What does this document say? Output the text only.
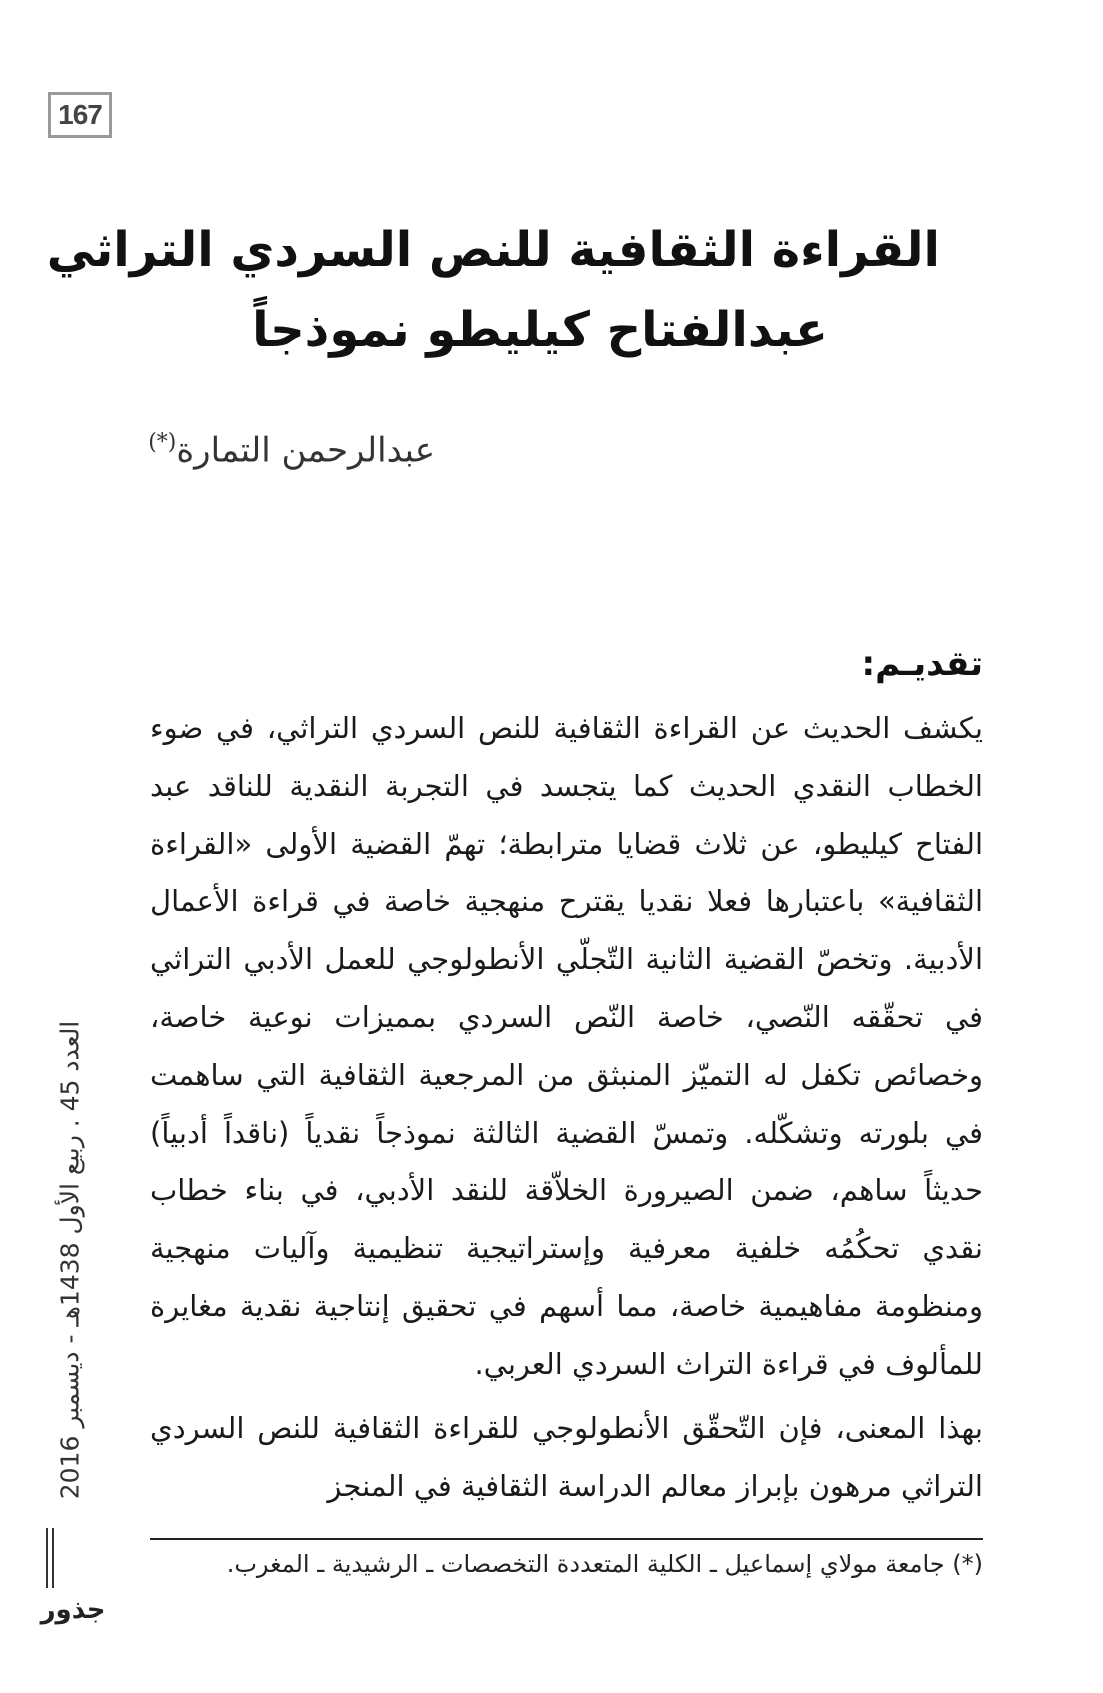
167
القراءة الثقافية للنص السردي التراثي
عبدالفتاح كيليطو نموذجاً
عبدالرحمن التمارة(*)
تقديـم:

يكشف الحديث عن القراءة الثقافية للنص السردي التراثي، في ضوء الخطاب النقدي الحديث كما يتجسد في التجربة النقدية للناقد عبد الفتاح كيليطو، عن ثلاث قضايا مترابطة؛ تهمّ القضية الأولى «القراءة الثقافية» باعتبارها فعلا نقديا يقترح منهجية خاصة في قراءة الأعمال الأدبية. وتخصّ القضية الثانية التّجلّي الأنطولوجي للعمل الأدبي التراثي في تحقّقه النّصي، خاصة النّص السردي بمميزات نوعية خاصة، وخصائص تكفل له التميّز المنبثق من المرجعية الثقافية التي ساهمت في بلورته وتشكّله. وتمسّ القضية الثالثة نموذجاً نقدياً (ناقداً أدبياً) حديثاً ساهم، ضمن الصيرورة الخلاّقة للنقد الأدبي، في بناء خطاب نقدي تحكُمُه خلفية معرفية وإستراتيجية تنظيمية وآليات منهجية ومنظومة مفاهيمية خاصة، مما أسهم في تحقيق إنتاجية نقدية مغايرة للمألوف في قراءة التراث السردي العربي.

بهذا المعنى، فإن التّحقّق الأنطولوجي للقراءة الثقافية للنص السردي التراثي مرهون بإبراز معالم الدراسة الثقافية في المنجز

(*) جامعة مولاي إسماعيل ـ الكلية المتعددة التخصصات ـ الرشيدية ـ المغرب.
العدد 45 . ربيع الأول 1438هـ - ديسمبر 2016
جذور
